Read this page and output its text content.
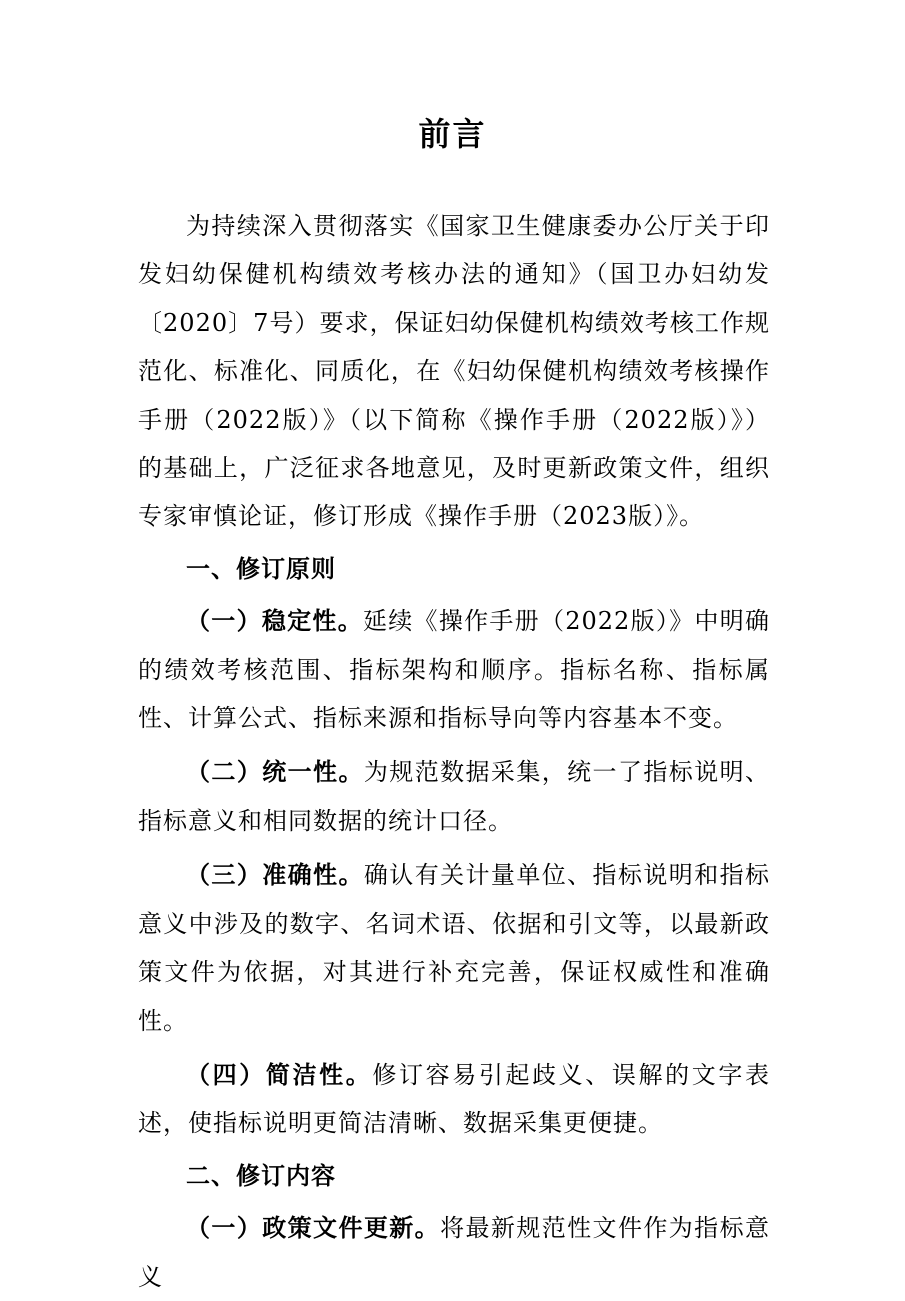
前言

为持续深入贯彻落实《国家卫生健康委办公厅关于印发妇幼保健机构绩效考核办法的通知》（国卫办妇幼发〔2020〕7号）要求，保证妇幼保健机构绩效考核工作规范化、标准化、同质化，在《妇幼保健机构绩效考核操作手册（2022版）》（以下简称《操作手册（2022版）》）的基础上，广泛征求各地意见，及时更新政策文件，组织专家审慎论证，修订形成《操作手册（2023版）》。

一、修订原则

（一）稳定性。延续《操作手册（2022版）》中明确的绩效考核范围、指标架构和顺序。指标名称、指标属性、计算公式、指标来源和指标导向等内容基本不变。

（二）统一性。为规范数据采集，统一了指标说明、指标意义和相同数据的统计口径。

（三）准确性。确认有关计量单位、指标说明和指标意义中涉及的数字、名词术语、依据和引文等，以最新政策文件为依据，对其进行补充完善，保证权威性和准确性。

（四）简洁性。修订容易引起歧义、误解的文字表述，使指标说明更简洁清晰、数据采集更便捷。

二、修订内容

（一）政策文件更新。将最新规范性文件作为指标意义
